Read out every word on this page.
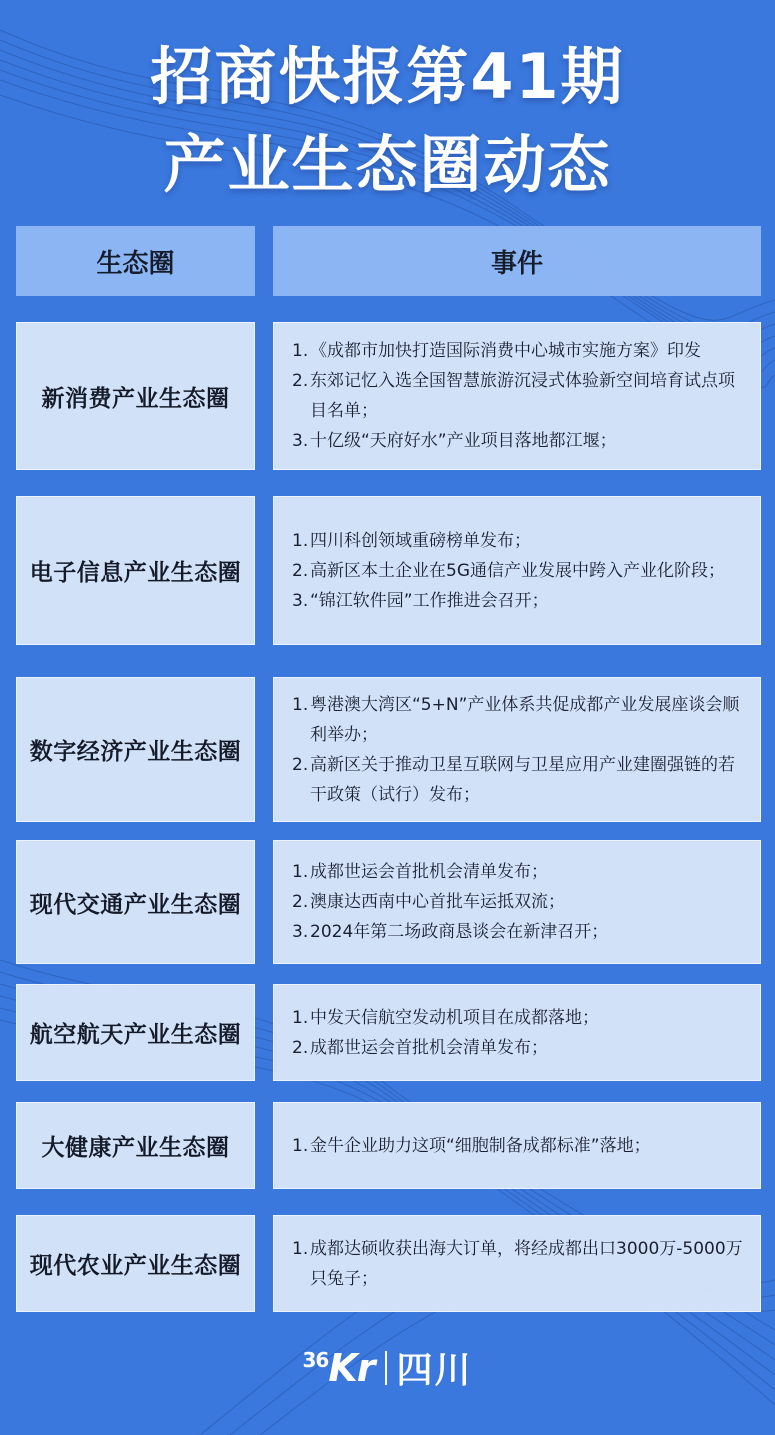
招商快报第41期
产业生态圈动态
生态圈	事件
新消费产业生态圈
1. 《成都市加快打造国际消费中心城市实施方案》印发
2. 东郊记忆入选全国智慧旅游沉浸式体验新空间培育试点项目名单；
3. 十亿级“天府好水”产业项目落地都江堰；
电子信息产业生态圈
1. 四川科创领域重磅榜单发布；
2. 高新区本土企业在5G通信产业发展中跨入产业化阶段；
3. “锦江软件园”工作推进会召开；
数字经济产业生态圈
1. 粤港澳大湾区“5+N”产业体系共促成都产业发展座谈会顺利举办；
2. 高新区关于推动卫星互联网与卫星应用产业建圈强链的若干政策（试行）发布；
现代交通产业生态圈
1. 成都世运会首批机会清单发布；
2. 澳康达西南中心首批车运抵双流；
3. 2024年第二场政商恳谈会在新津召开；
航空航天产业生态圈
1. 中发天信航空发动机项目在成都落地；
2. 成都世运会首批机会清单发布；
大健康产业生态圈	1. 金牛企业助力这项“细胞制备成都标准”落地；
现代农业产业生态圈
1. 成都达硕收获出海大订单，将经成都出口3000万-5000万只兔子；
$^{36}$Kr 四川
